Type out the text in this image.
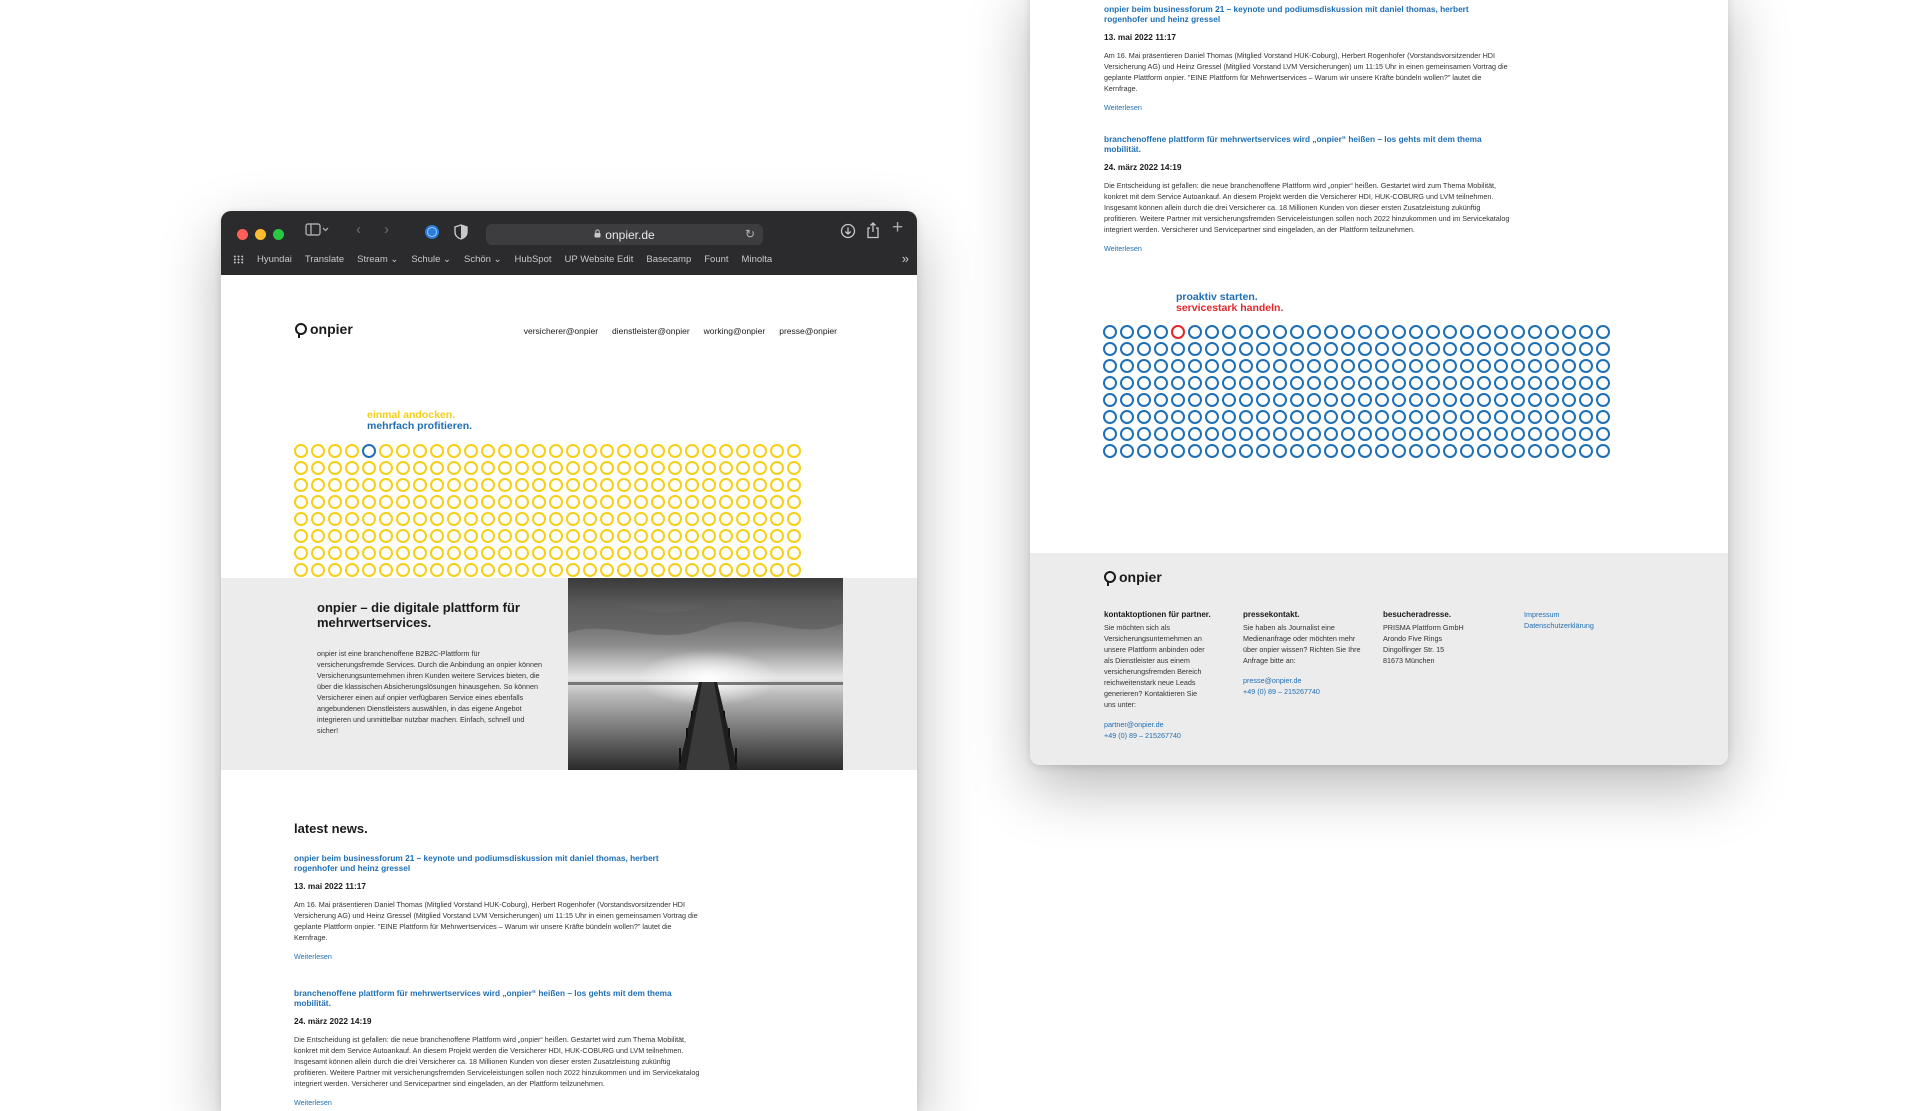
‹ ›	onpier.de	↻	+
Hyundai Translate Stream ⌄ Schule ⌄ Schön ⌄ HubSpot UP Website Edit Basecamp Fount Minolta	»
onpier	versicherer@onpier dienstleister@onpier working@onpier presse@onpier
einmal andocken.
mehrfach profitieren.
onpier – die digitale plattform für mehrwertservices.

onpier ist eine branchenoffene B2B2C-Plattform für versicherungsfremde Services. Durch die Anbindung an onpier können Versicherungsunternehmen ihren Kunden weitere Services bieten, die über die klassischen Absicherungslösungen hinausgehen. So können Versicherer einen auf onpier verfügbaren Service eines ebenfalls angebundenen Dienstleisters auswählen, in das eigene Angebot integrieren und unmittelbar nutzbar machen. Einfach, schnell und sicher!

latest news.
onpier beim businessforum 21 – keynote und podiumsdiskussion mit daniel thomas, herbert rogenhofer und heinz gressel
13. mai 2022 11:17
Am 16. Mai präsentieren Daniel Thomas (Mitglied Vorstand HUK-Coburg), Herbert Rogenhofer (Vorstandsvorsitzender HDI Versicherung AG) und Heinz Gressel (Mitglied Vorstand LVM Versicherungen) um 11:15 Uhr in einen gemeinsamen Vortrag die geplante Plattform onpier. "EINE Plattform für Mehrwertservices – Warum wir unsere Kräfte bündeln wollen?" lautet die Kernfrage.
Weiterlesen
branchenoffene plattform für mehrwertservices wird „onpier“ heißen – los gehts mit dem thema mobilität.
24. märz 2022 14:19
Die Entscheidung ist gefallen: die neue branchenoffene Plattform wird „onpier“ heißen. Gestartet wird zum Thema Mobilität, konkret mit dem Service Autoankauf. An diesem Projekt werden die Versicherer HDI, HUK-COBURG und LVM teilnehmen. Insgesamt können allein durch die drei Versicherer ca. 18 Millionen Kunden von dieser ersten Zusatzleistung zukünftig profitieren. Weitere Partner mit versicherungsfremden Serviceleistungen sollen noch 2022 hinzukommen und im Servicekatalog integriert werden. Versicherer und Servicepartner sind eingeladen, an der Plattform teilzunehmen.
Weiterlesen
onpier beim businessforum 21 – keynote und podiumsdiskussion mit daniel thomas, herbert rogenhofer und heinz gressel
13. mai 2022 11:17
Am 16. Mai präsentieren Daniel Thomas (Mitglied Vorstand HUK-Coburg), Herbert Rogenhofer (Vorstandsvorsitzender HDI Versicherung AG) und Heinz Gressel (Mitglied Vorstand LVM Versicherungen) um 11:15 Uhr in einen gemeinsamen Vortrag die geplante Plattform onpier. "EINE Plattform für Mehrwertservices – Warum wir unsere Kräfte bündeln wollen?" lautet die Kernfrage.
Weiterlesen
branchenoffene plattform für mehrwertservices wird „onpier“ heißen – los gehts mit dem thema mobilität.
24. märz 2022 14:19
Die Entscheidung ist gefallen: die neue branchenoffene Plattform wird „onpier“ heißen. Gestartet wird zum Thema Mobilität, konkret mit dem Service Autoankauf. An diesem Projekt werden die Versicherer HDI, HUK-COBURG und LVM teilnehmen. Insgesamt können allein durch die drei Versicherer ca. 18 Millionen Kunden von dieser ersten Zusatzleistung zukünftig profitieren. Weitere Partner mit versicherungsfremden Serviceleistungen sollen noch 2022 hinzukommen und im Servicekatalog integriert werden. Versicherer und Servicepartner sind eingeladen, an der Plattform teilzunehmen.
Weiterlesen
proaktiv starten.
servicestark handeln.
onpier
kontaktoptionen für partner.
Sie möchten sich als Versicherungsunternehmen an unsere Plattform anbinden oder als Dienstleister aus einem versicherungsfremden Bereich reichweitenstark neue Leads generieren? Kontaktieren Sie uns unter:
partner@onpier.de
+49 (0) 89 – 215267740
pressekontakt.
Sie haben als Journalist eine Medienanfrage oder möchten mehr über onpier wissen? Richten Sie Ihre Anfrage bitte an:
presse@onpier.de
+49 (0) 89 – 215267740
besucheradresse.
PRISMA Plattform GmbH
Arondo Five Rings
Dingolfinger Str. 15
81673 München
Impressum
Datenschutzerklärung
